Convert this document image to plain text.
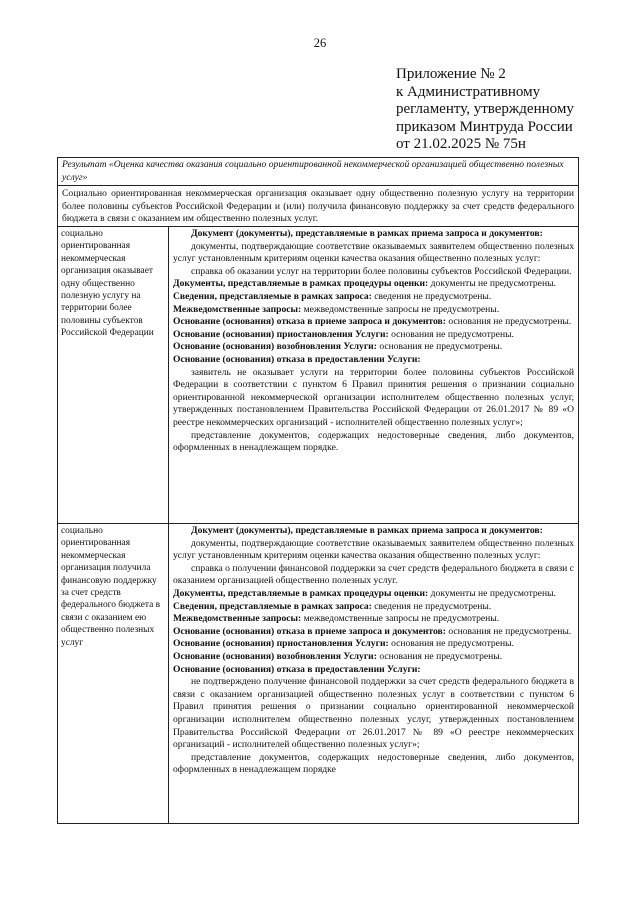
26
Приложение № 2
к Административному
регламенту, утвержденному
приказом Минтруда России
от 21.02.2025 № 75н
Результат «Оценка качества оказания социально ориентированной некоммерческой организацией общественно полезных услуг»
Социально ориентированная некоммерческая организация оказывает одну общественно полезную услугу на территории более половины субъектов Российской Федерации и (или) получила финансовую поддержку за счет средств федерального бюджета в связи с оказанием им общественно полезных услуг.
социально ориентированная некоммерческая организация оказывает одну общественно полезную услугу на территории более половины субъектов Российской Федерации

Документ (документы), представляемые в рамках приема запроса и документов:

документы, подтверждающие соответствие оказываемых заявителем общественно полезных услуг установленным критериям оценки качества оказания общественно полезных услуг:

справка об оказании услуг на территории более половины субъектов Российской Федерации.

Документы, представляемые в рамках процедуры оценки: документы не предусмотрены.

Сведения, представляемые в рамках запроса: сведения не предусмотрены.

Межведомственные запросы: межведомственные запросы не предусмотрены.

Основание (основания) отказа в приеме запроса и документов: основания не предусмотрены.

Основание (основания) приостановления Услуги: основания не предусмотрены.

Основание (основания) возобновления Услуги: основания не предусмотрены.

Основание (основания) отказа в предоставлении Услуги:

заявитель не оказывает услуги на территории более половины субъектов Российской Федерации в соответствии с пунктом 6 Правил принятия решения о признании социально ориентированной некоммерческой организации исполнителем общественно полезных услуг, утвержденных постановлением Правительства Российской Федерации от 26.01.2017 № 89 «О реестре некоммерческих организаций - исполнителей общественно полезных услуг»;

представление документов, содержащих недостоверные сведения, либо документов, оформленных в ненадлежащем порядке.

социально ориентированная некоммерческая организация получила финансовую поддержку за счет средств федерального бюджета в связи с оказанием ею общественно полезных услуг

Документ (документы), представляемые в рамках приема запроса и документов:

документы, подтверждающие соответствие оказываемых заявителем общественно полезных услуг установленным критериям оценки качества оказания общественно полезных услуг:

справка о получении финансовой поддержки за счет средств федерального бюджета в связи с оказанием организацией общественно полезных услуг.

Документы, представляемые в рамках процедуры оценки: документы не предусмотрены.

Сведения, представляемые в рамках запроса: сведения не предусмотрены.

Межведомственные запросы: межведомственные запросы не предусмотрены.

Основание (основания) отказа в приеме запроса и документов: основания не предусмотрены.

Основание (основания) приостановления Услуги: основания не предусмотрены.

Основание (основания) возобновления Услуги: основания не предусмотрены.

Основание (основания) отказа в предоставлении Услуги:

не подтверждено получение финансовой поддержки за счет средств федерального бюджета в связи с оказанием организацией общественно полезных услуг в соответствии с пунктом 6 Правил принятия решения о признании социально ориентированной некоммерческой организации исполнителем общественно полезных услуг, утвержденных постановлением Правительства Российской Федерации от 26.01.2017 № 89 «О реестре некоммерческих организаций - исполнителей общественно полезных услуг»;

представление документов, содержащих недостоверные сведения, либо документов, оформленных в ненадлежащем порядке
